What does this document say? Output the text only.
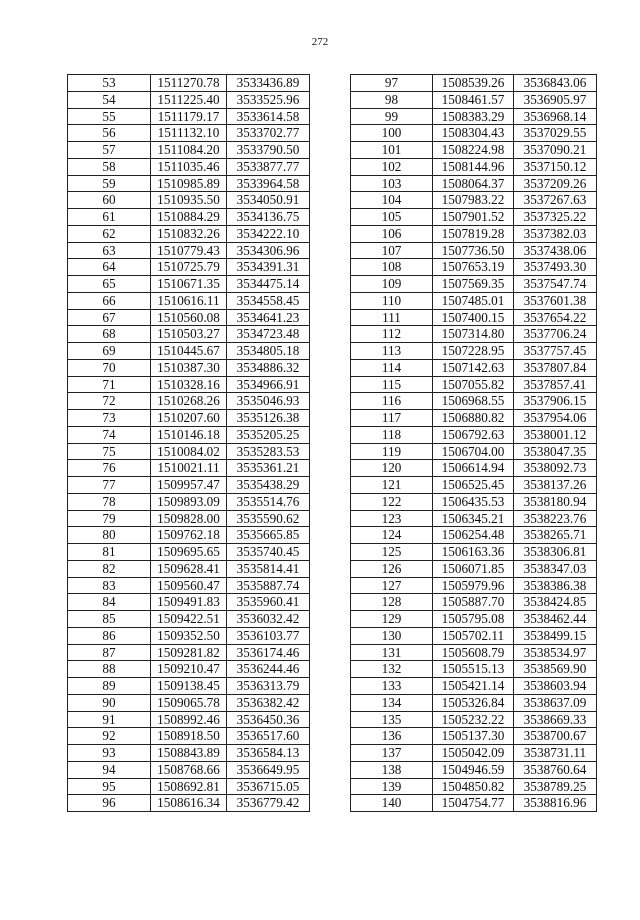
272
53	1511270.78	3533436.89
54	1511225.40	3533525.96
55	1511179.17	3533614.58
56	1511132.10	3533702.77
57	1511084.20	3533790.50
58	1511035.46	3533877.77
59	1510985.89	3533964.58
60	1510935.50	3534050.91
61	1510884.29	3534136.75
62	1510832.26	3534222.10
63	1510779.43	3534306.96
64	1510725.79	3534391.31
65	1510671.35	3534475.14
66	1510616.11	3534558.45
67	1510560.08	3534641.23
68	1510503.27	3534723.48
69	1510445.67	3534805.18
70	1510387.30	3534886.32
71	1510328.16	3534966.91
72	1510268.26	3535046.93
73	1510207.60	3535126.38
74	1510146.18	3535205.25
75	1510084.02	3535283.53
76	1510021.11	3535361.21
77	1509957.47	3535438.29
78	1509893.09	3535514.76
79	1509828.00	3535590.62
80	1509762.18	3535665.85
81	1509695.65	3535740.45
82	1509628.41	3535814.41
83	1509560.47	3535887.74
84	1509491.83	3535960.41
85	1509422.51	3536032.42
86	1509352.50	3536103.77
87	1509281.82	3536174.46
88	1509210.47	3536244.46
89	1509138.45	3536313.79
90	1509065.78	3536382.42
91	1508992.46	3536450.36
92	1508918.50	3536517.60
93	1508843.89	3536584.13
94	1508768.66	3536649.95
95	1508692.81	3536715.05
96	1508616.34	3536779.42
97	1508539.26	3536843.06
98	1508461.57	3536905.97
99	1508383.29	3536968.14
100	1508304.43	3537029.55
101	1508224.98	3537090.21
102	1508144.96	3537150.12
103	1508064.37	3537209.26
104	1507983.22	3537267.63
105	1507901.52	3537325.22
106	1507819.28	3537382.03
107	1507736.50	3537438.06
108	1507653.19	3537493.30
109	1507569.35	3537547.74
110	1507485.01	3537601.38
111	1507400.15	3537654.22
112	1507314.80	3537706.24
113	1507228.95	3537757.45
114	1507142.63	3537807.84
115	1507055.82	3537857.41
116	1506968.55	3537906.15
117	1506880.82	3537954.06
118	1506792.63	3538001.12
119	1506704.00	3538047.35
120	1506614.94	3538092.73
121	1506525.45	3538137.26
122	1506435.53	3538180.94
123	1506345.21	3538223.76
124	1506254.48	3538265.71
125	1506163.36	3538306.81
126	1506071.85	3538347.03
127	1505979.96	3538386.38
128	1505887.70	3538424.85
129	1505795.08	3538462.44
130	1505702.11	3538499.15
131	1505608.79	3538534.97
132	1505515.13	3538569.90
133	1505421.14	3538603.94
134	1505326.84	3538637.09
135	1505232.22	3538669.33
136	1505137.30	3538700.67
137	1505042.09	3538731.11
138	1504946.59	3538760.64
139	1504850.82	3538789.25
140	1504754.77	3538816.96
